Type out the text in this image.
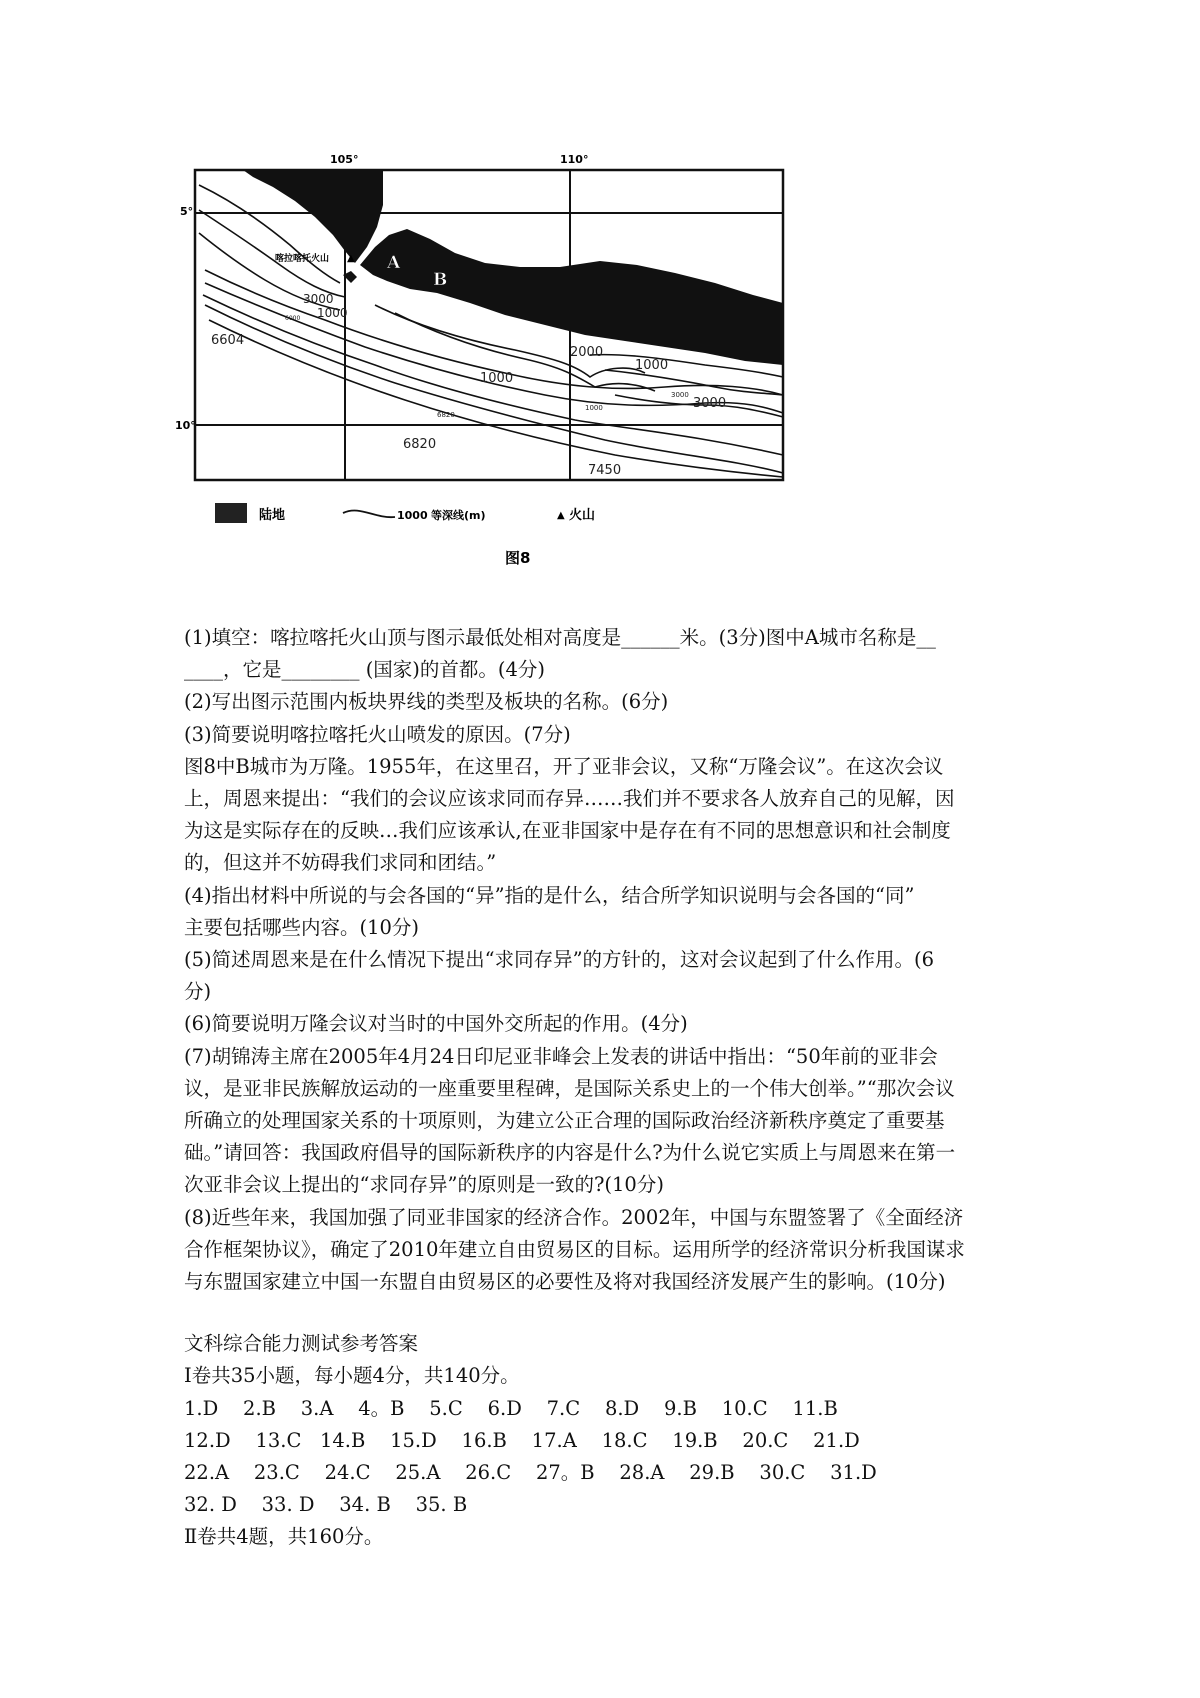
105°	110°
5°
10°
喀拉喀托火山 ▲ A
B
3000
1000
6604
2000
1000
1000
3000
6820
7450
6000
3000
6820
1000
陆地	1000 等深线(m)	▲ 火山
图8

(1)填空：喀拉喀托火山顶与图示最低处相对高度是______米。(3分)图中A城市名称是__

____，它是________ (国家)的首都。(4分)

(2)写出图示范围内板块界线的类型及板块的名称。(6分)

(3)简要说明喀拉喀托火山喷发的原因。(7分)

图8中B城市为万隆。1955年，在这里召，开了亚非会议，又称“万隆会议”。在这次会议

上，周恩来提出：“我们的会议应该求同而存异……我们并不要求各人放弃自己的见解，因

为这是实际存在的反映…我们应该承认,在亚非国家中是存在有不同的思想意识和社会制度

的，但这并不妨碍我们求同和团结。”

(4)指出材料中所说的与会各国的“异”指的是什么，结合所学知识说明与会各国的“同”

主要包括哪些内容。(10分)

(5)简述周恩来是在什么情况下提出“求同存异”的方针的，这对会议起到了什么作用。(6

分)

(6)简要说明万隆会议对当时的中国外交所起的作用。(4分)

(7)胡锦涛主席在2005年4月24日印尼亚非峰会上发表的讲话中指出：“50年前的亚非会

议，是亚非民族解放运动的一座重要里程碑，是国际关系史上的一个伟大创举。”“那次会议

所确立的处理国家关系的十项原则，为建立公正合理的国际政治经济新秩序奠定了重要基

础。”请回答：我国政府倡导的国际新秩序的内容是什么?为什么说它实质上与周恩来在第一

次亚非会议上提出的“求同存异”的原则是一致的?(10分)

(8)近些年来，我国加强了同亚非国家的经济合作。2002年，中国与东盟签署了《全面经济

合作框架协议》，确定了2010年建立自由贸易区的目标。运用所学的经济常识分析我国谋求

与东盟国家建立中国一东盟自由贸易区的必要性及将对我国经济发展产生的影响。(10分)

文科综合能力测试参考答案

Ⅰ卷共35小题，每小题4分，共140分。

1.D    2.B    3.A    4。B    5.C    6.D    7.C    8.D    9.B    10.C    11.B

12.D    13.C   14.B    15.D    16.B    17.A    18.C    19.B    20.C    21.D

22.A    23.C    24.C    25.A    26.C    27。B    28.A    29.B    30.C    31.D

32. D    33. D    34. B    35. B

Ⅱ卷共4题，共160分。
